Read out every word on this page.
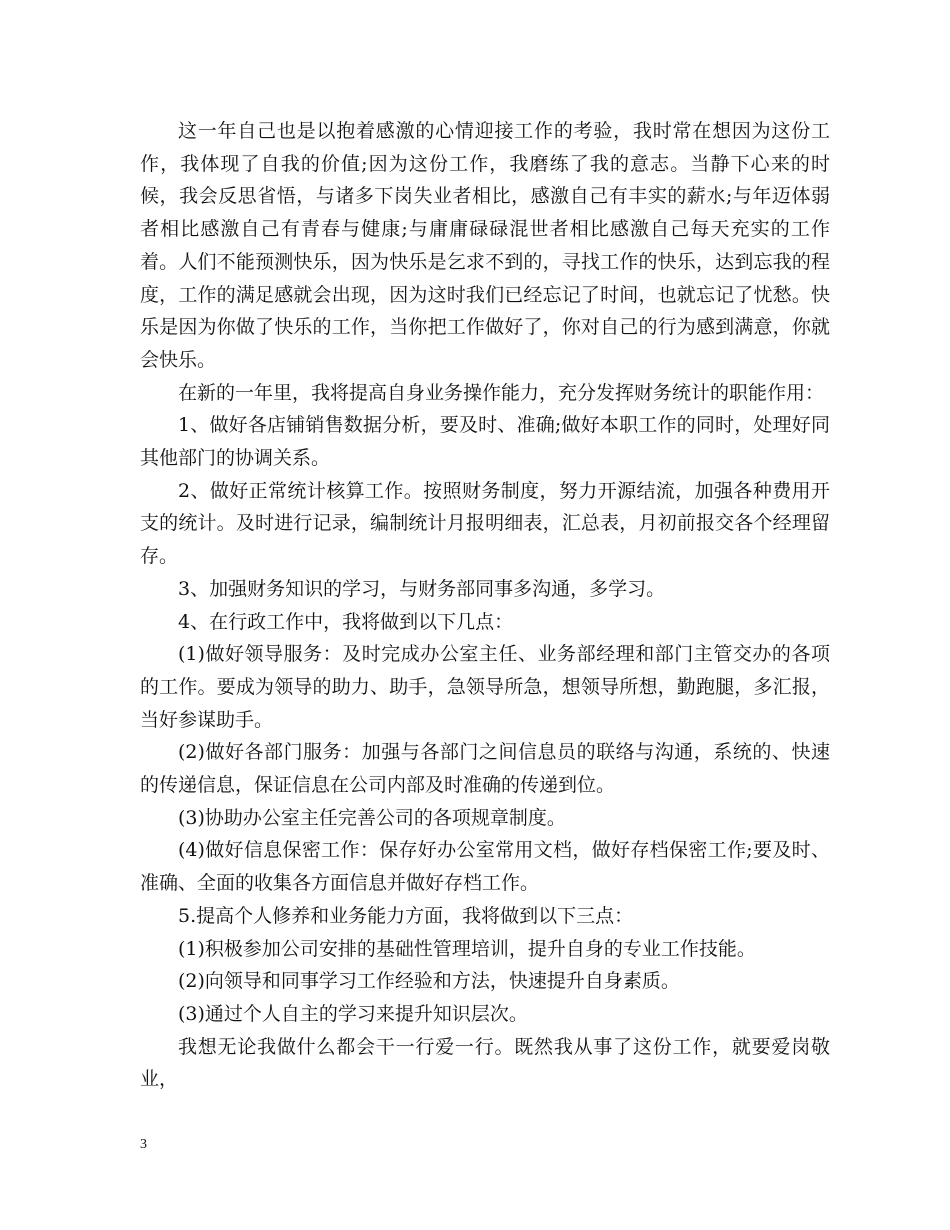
这一年自己也是以抱着感激的心情迎接工作的考验，我时常在想因为这份工作，我体现了自我的价值;因为这份工作，我磨练了我的意志。当静下心来的时候，我会反思省悟，与诸多下岗失业者相比，感激自己有丰实的薪水;与年迈体弱者相比感激自己有青春与健康;与庸庸碌碌混世者相比感激自己每天充实的工作着。人们不能预测快乐，因为快乐是乞求不到的，寻找工作的快乐，达到忘我的程度，工作的满足感就会出现，因为这时我们已经忘记了时间，也就忘记了忧愁。快乐是因为你做了快乐的工作，当你把工作做好了，你对自己的行为感到满意，你就会快乐。

在新的一年里，我将提高自身业务操作能力，充分发挥财务统计的职能作用：

1、做好各店铺销售数据分析，要及时、准确;做好本职工作的同时，处理好同其他部门的协调关系。

2、做好正常统计核算工作。按照财务制度，努力开源结流，加强各种费用开支的统计。及时进行记录，编制统计月报明细表，汇总表，月初前报交各个经理留存。

3、加强财务知识的学习，与财务部同事多沟通，多学习。

4、在行政工作中，我将做到以下几点：

(1)做好领导服务：及时完成办公室主任、业务部经理和部门主管交办的各项的工作。要成为领导的助力、助手，急领导所急，想领导所想，勤跑腿，多汇报，当好参谋助手。

(2)做好各部门服务：加强与各部门之间信息员的联络与沟通，系统的、快速的传递信息，保证信息在公司内部及时准确的传递到位。

(3)协助办公室主任完善公司的各项规章制度。

(4)做好信息保密工作：保存好办公室常用文档，做好存档保密工作;要及时、准确、全面的收集各方面信息并做好存档工作。

5.提高个人修养和业务能力方面，我将做到以下三点：

(1)积极参加公司安排的基础性管理培训，提升自身的专业工作技能。

(2)向领导和同事学习工作经验和方法，快速提升自身素质。

(3)通过个人自主的学习来提升知识层次。

我想无论我做什么都会干一行爱一行。既然我从事了这份工作，就要爱岗敬业，

3
